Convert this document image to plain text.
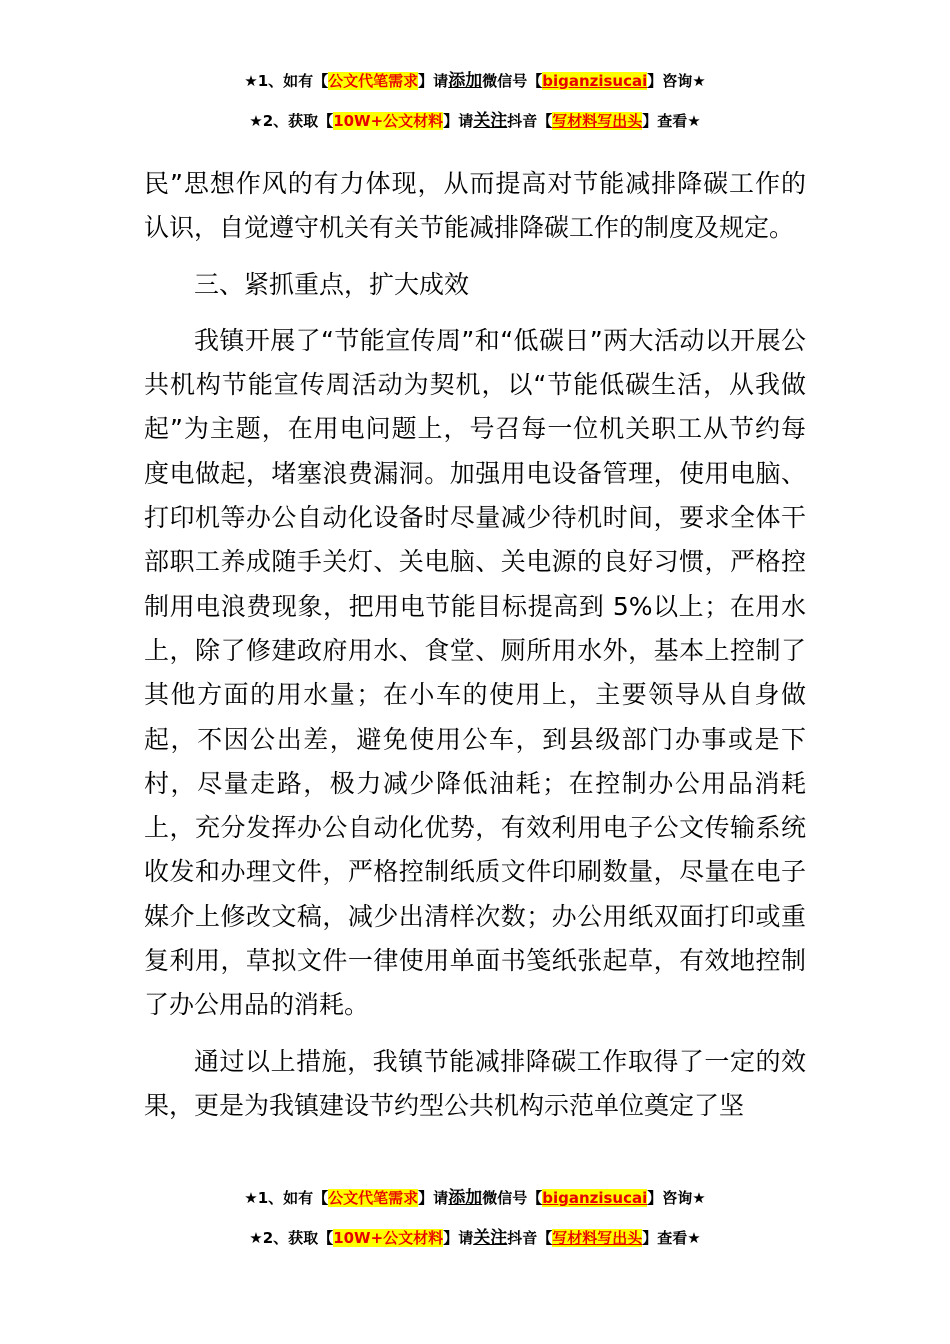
★1、如有【公文代笔需求】请添加微信号【biganzisucai】咨询★
★2、获取【10W+公文材料】请关注抖音【写材料写出头】查看★

民”思想作风的有力体现，从而提高对节能减排降碳工作的认识，自觉遵守机关有关节能减排降碳工作的制度及规定。

三、紧抓重点，扩大成效

我镇开展了“节能宣传周”和“低碳日”两大活动以开展公共机构节能宣传周活动为契机，以“节能低碳生活，从我做起”为主题，在用电问题上，号召每一位机关职工从节约每度电做起，堵塞浪费漏洞。加强用电设备管理，使用电脑、打印机等办公自动化设备时尽量减少待机时间，要求全体干部职工养成随手关灯、关电脑、关电源的良好习惯，严格控制用电浪费现象，把用电节能目标提高到 5%以上；在用水上，除了修建政府用水、食堂、厕所用水外，基本上控制了其他方面的用水量；在小车的使用上，主要领导从自身做起，不因公出差，避免使用公车，到县级部门办事或是下村，尽量走路，极力减少降低油耗；在控制办公用品消耗上，充分发挥办公自动化优势，有效利用电子公文传输系统收发和办理文件，严格控制纸质文件印刷数量，尽量在电子媒介上修改文稿，减少出清样次数；办公用纸双面打印或重复利用，草拟文件一律使用单面书笺纸张起草，有效地控制了办公用品的消耗。

通过以上措施，我镇节能减排降碳工作取得了一定的效果，更是为我镇建设节约型公共机构示范单位奠定了坚

★1、如有【公文代笔需求】请添加微信号【biganzisucai】咨询★
★2、获取【10W+公文材料】请关注抖音【写材料写出头】查看★
